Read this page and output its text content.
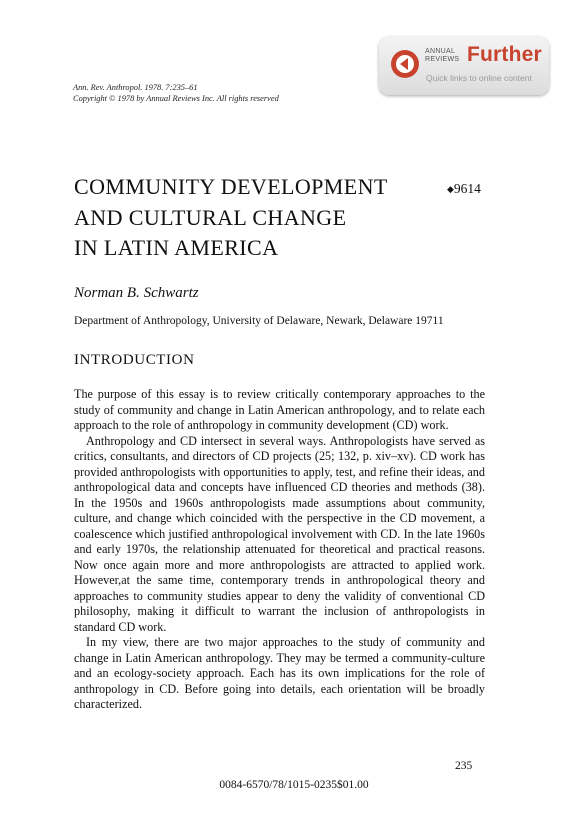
Ann. Rev. Anthropol. 1978. 7:235–61
Copyright © 1978 by Annual Reviews Inc. All rights reserved
ANNUAL
REVIEWS Further
Quick links to online content
COMMUNITY DEVELOPMENT
AND CULTURAL CHANGE
IN LATIN AMERICA
◆9614
Norman B. Schwartz
Department of Anthropology, University of Delaware, Newark, Delaware 19711
INTRODUCTION

The purpose of this essay is to review critically contemporary approaches to the study of community and change in Latin American anthropology, and to relate each approach to the role of anthropology in community development (CD) work.

Anthropology and CD intersect in several ways. Anthropologists have served as critics, consultants, and directors of CD projects (25; 132, p. xiv–xv). CD work has provided anthropologists with opportunities to apply, test, and refine their ideas, and anthropological data and concepts have influenced CD theories and methods (38). In the 1950s and 1960s anthropologists made assumptions about community, culture, and change which coincided with the perspective in the CD movement, a coalescence which justified anthropological involvement with CD. In the late 1960s and early 1970s, the relationship attenuated for theoretical and practical reasons. Now once again more and more anthropologists are attracted to applied work. However,at the same time, contemporary trends in anthropological theory and approaches to community studies appear to deny the validity of conventional CD philosophy, making it difficult to warrant the inclusion of anthropologists in standard CD work.

In my view, there are two major approaches to the study of community and change in Latin American anthropology. They may be termed a community-culture and an ecology-society approach. Each has its own implications for the role of anthropology in CD. Before going into details, each orientation will be broadly characterized.

235
0084-6570/78/1015-0235$01.00
